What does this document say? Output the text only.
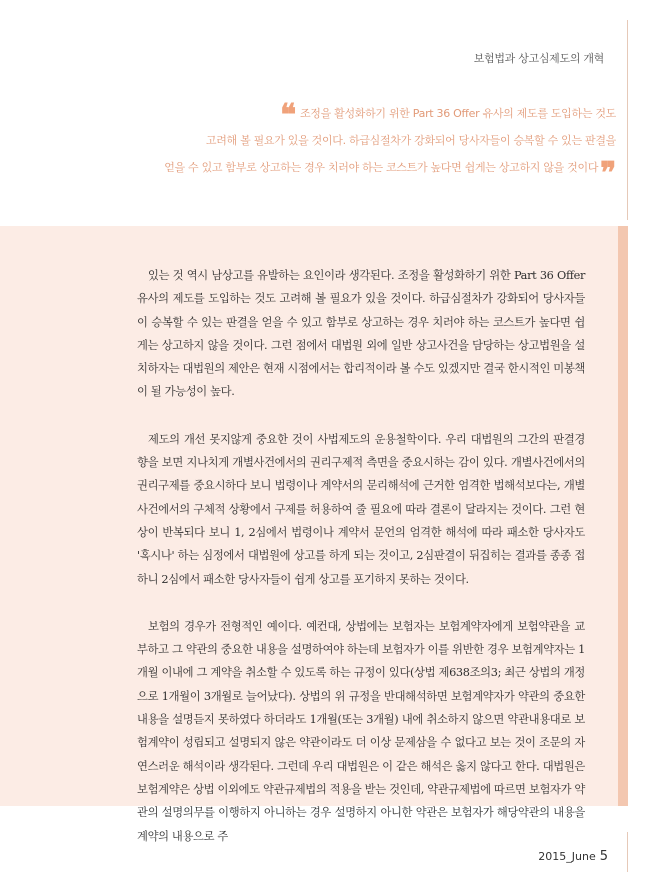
보험법과 상고심제도의 개혁
❝ 조정을 활성화하기 위한 Part 36 Offer 유사의 제도를 도입하는 것도
고려해 볼 필요가 있을 것이다. 하급심절차가 강화되어 당사자들이 승복할 수 있는 판결을
얻을 수 있고 함부로 상고하는 경우 치러야 하는 코스트가 높다면 쉽게는 상고하지 않을 것이다❞

있는 것 역시 남상고를 유발하는 요인이라 생각된다. 조정을 활성화하기 위한 Part 36 Offer 유사의 제도를 도입하는 것도 고려해 볼 필요가 있을 것이다. 하급심절차가 강화되어 당사자들이 승복할 수 있는 판결을 얻을 수 있고 함부로 상고하는 경우 치러야 하는 코스트가 높다면 쉽게는 상고하지 않을 것이다. 그런 점에서 대법원 외에 일반 상고사건을 담당하는 상고법원을 설치하자는 대법원의 제안은 현재 시점에서는 합리적이라 볼 수도 있겠지만 결국 한시적인 미봉책이 될 가능성이 높다.

제도의 개선 못지않게 중요한 것이 사법제도의 운용철학이다. 우리 대법원의 그간의 판결경향을 보면 지나치게 개별사건에서의 권리구제적 측면을 중요시하는 감이 있다. 개별사건에서의 권리구제를 중요시하다 보니 법령이나 계약서의 문리해석에 근거한 엄격한 법해석보다는, 개별사건에서의 구체적 상황에서 구제를 허용하여 줄 필요에 따라 결론이 달라지는 것이다. 그런 현상이 반복되다 보니 1, 2심에서 법령이나 계약서 문언의 엄격한 해석에 따라 패소한 당사자도 '혹시나' 하는 심정에서 대법원에 상고를 하게 되는 것이고, 2심판결이 뒤집히는 결과를 종종 접하니 2심에서 패소한 당사자들이 쉽게 상고를 포기하지 못하는 것이다.

보험의 경우가 전형적인 예이다. 예컨대, 상법에는 보험자는 보험계약자에게 보험약관을 교부하고 그 약관의 중요한 내용을 설명하여야 하는데 보험자가 이를 위반한 경우 보험계약자는 1개월 이내에 그 계약을 취소할 수 있도록 하는 규정이 있다(상법 제638조의3; 최근 상법의 개정으로 1개월이 3개월로 늘어났다). 상법의 위 규정을 반대해석하면 보험계약자가 약관의 중요한 내용을 설명듣지 못하였다 하더라도 1개월(또는 3개월) 내에 취소하지 않으면 약관내용대로 보험계약이 성립되고 설명되지 않은 약관이라도 더 이상 문제삼을 수 없다고 보는 것이 조문의 자연스러운 해석이라 생각된다. 그런데 우리 대법원은 이 같은 해석은 옳지 않다고 한다. 대법원은 보험계약은 상법 이외에도 약관규제법의 적용을 받는 것인데, 약관규제법에 따르면 보험자가 약관의 설명의무를 이행하지 아니하는 경우 설명하지 아니한 약관은 보험자가 해당약관의 내용을 계약의 내용으로 주

2015_June 5
